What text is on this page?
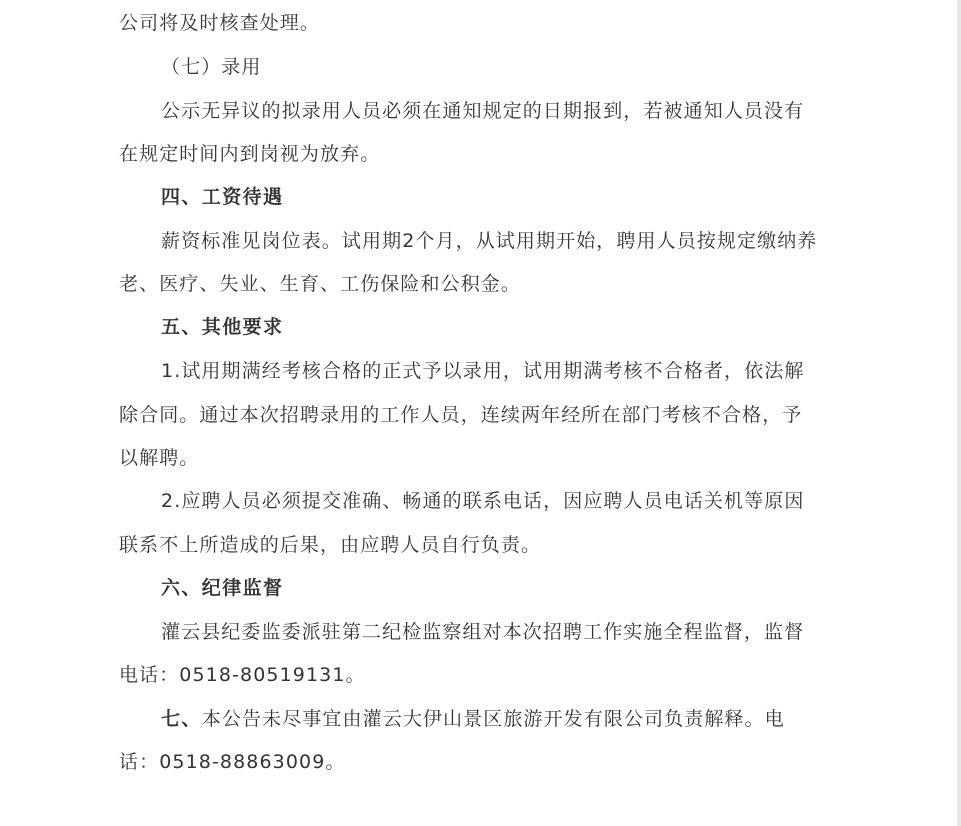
公司将及时核查处理。
（七）录用
公示无异议的拟录用人员必须在通知规定的日期报到，若被通知人员没有
在规定时间内到岗视为放弃。
四、工资待遇
薪资标准见岗位表。试用期2个月，从试用期开始，聘用人员按规定缴纳养
老、医疗、失业、生育、工伤保险和公积金。
五、其他要求
1.试用期满经考核合格的正式予以录用，试用期满考核不合格者，依法解
除合同。通过本次招聘录用的工作人员，连续两年经所在部门考核不合格，予
以解聘。
2.应聘人员必须提交准确、畅通的联系电话，因应聘人员电话关机等原因
联系不上所造成的后果，由应聘人员自行负责。
六、纪律监督
灌云县纪委监委派驻第二纪检监察组对本次招聘工作实施全程监督，监督
电话：0518-80519131。
七、本公告未尽事宜由灌云大伊山景区旅游开发有限公司负责解释。电
话：0518-88863009。
